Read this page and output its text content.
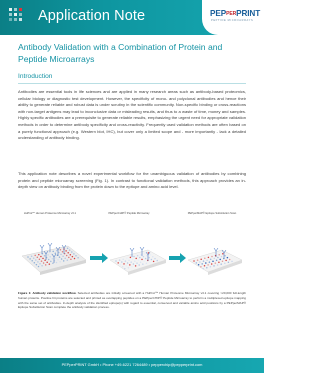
Application Note	PEPPERPRINT
PEPTIDE MICROARRAYS
Antibody Validation with a Combination of Protein and Peptide Microarrays
Introduction
Antibodies are essential tools in life sciences and are applied in many research areas such as antibody-based proteomics, cellular biology or diagnostic test development. However, the specificity of mono- and polyclonal antibodies and hence their ability to generate reliable and robust data is under scrutiny in the scientific community. Non-specific binding or cross-reactions with non-target antigens may lead to inconclusive data or misleading results, and thus to a waste of time, money and samples. Highly specific antibodies are a prerequisite to generate reliable results, emphasizing the urgent need for appropriate validation methods in order to determine antibody specificity and cross-reactivity. Frequently used validation methods are often based on a purely functional approach (e.g. Western blot, IHC), but cover only a limited scope and - more importantly - lack a detailed understanding of antibody binding.
This application note describes a novel experimental workflow for the unambiguous validation of antibodies by combining protein and peptide microarray screening (Fig. 1). In contrast to functional validation methods, this approach provides an in-depth view on antibody binding from the protein down to the epitope and amino acid level.
HuProt™ Human Proteome Microarray v3.1	PEPperCHIP® Peptide Microarray	PEPperMAP® Epitope Substitution Scan
Figure 1: Antibody validation workflow. Selected antibodies are initially screened with a HuProt™ Human Proteome Microarray v3.1 covering >20,000 full-length human proteins. Positive hit proteins are selected and printed as overlapping peptides on a PEPperCHIP® Peptide Microarray to perform a multiplexed epitope mapping with the same set of antibodies. In-depth analysis of the identified epitope(s) with regard to essential, conserved and variable amino acid positions by a PEPperMAP® Epitope Substitution Scan complete the antibody validation process.
PEPperPRINT GmbH • Phone +49-6221 7264489 • pepperchip@pepperprint.com
